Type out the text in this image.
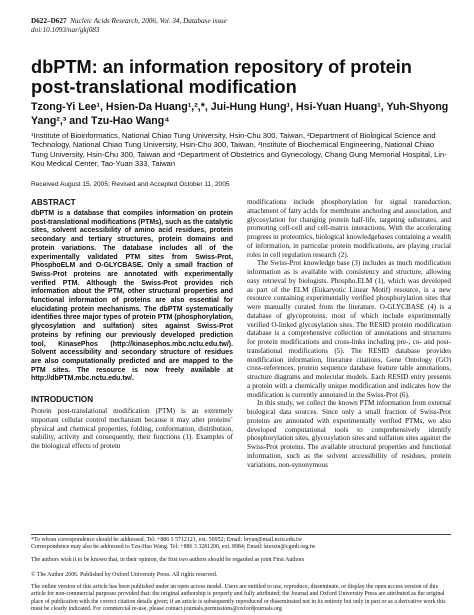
D622–D627 Nucleic Acids Research, 2006, Vol. 34, Database issue
doi:10.1093/nar/gkj083
dbPTM: an information repository of protein post-translational modification

Tzong-Yi Lee¹, Hsien-Da Huang¹,²,*, Jui-Hung Hung¹, Hsi-Yuan Huang¹, Yuh-Shyong Yang²,³ and Tzu-Hao Wang⁴

¹Institute of Bioinformatics, National Chiao Tung University, Hsin-Chu 300, Taiwan, ²Department of Biological Science and Technology, National Chiao Tung University, Hsin-Chu 300, Taiwan, ³Institute of Biochemical Engineering, National Chiao Tung University, Hsin-Chu 300, Taiwan and ⁴Department of Obstetrics and Gynecology, Chang Gung Memorial Hospital, Lin-Kou Medical Center, Tao-Yuan 333, Taiwan

Received August 15, 2005; Revised and Accepted October 11, 2005

ABSTRACT

dbPTM is a database that compiles information on protein post-translational modifications (PTMs), such as the catalytic sites, solvent accessibility of amino acid residues, protein secondary and tertiary structures, protein domains and protein variations. The database includes all of the experimentally validated PTM sites from Swiss-Prot, PhosphoELM and O-GLYCBASE. Only a small fraction of Swiss-Prot proteins are annotated with experimentally verified PTM. Although the Swiss-Prot provides rich information about the PTM, other structural properties and functional information of proteins are also essential for elucidating protein mechanisms. The dbPTM systematically identifies three major types of protein PTM (phosphorylation, glycosylation and sulfation) sites against Swiss-Prot proteins by refining our previously developed prediction tool, KinasePhos (http://kinasephos.mbc.nctu.edu.tw/). Solvent accessibility and secondary structure of residues are also computationally predicted and are mapped to the PTM sites. The resource is now freely available at http://dbPTM.mbc.nctu.edu.tw/.

INTRODUCTION

Protein post-translational modification (PTM) is an extremely important cellular control mechanism because it may alter proteins’ physical and chemical properties, folding, conformation, distribution, stability, activity and consequently, their functions (1). Examples of the biological effects of protein

modifications include phosphorylation for signal transduction, attachment of fatty acids for membrane anchoring and association, and glycosylation for changing protein half-life, targeting substrates, and promoting cell-cell and cell-matrix interactions. With the accelerating progress in proteomics, biological knowledgebases containing a wealth of information, in particular protein modifications, are playing crucial roles in cell regulation research (2).

The Swiss-Prot knowledge base (3) includes as much modification information as is available with consistency and structure, allowing easy retrieval by biologists. Phospho.ELM (1), which was developed as part of the ELM (Eukaryotic Linear Motif) resource, is a new resource containing experimentally verified phosphorylation sites that were manually curated from the literature. O-GLYCBASE (4) is a database of glycoproteins, most of which include experimentally verified O-linked glycosylation sites. The RESID protein modification database is a comprehensive collection of annotations and structures for protein modifications and cross-links including pre-, co- and post-translational modifications (5). The RESID database provides modification information, literature citations, Gene Ontology (GO) cross-references, protein sequence database feature table annotations, structure diagrams and molecular models. Each RESID entry presents a protein with a chemically unique modification and indicates how the modification is currently annotated in the Swiss-Prot (6).

In this study, we collect the known PTM information from external biological data sources. Since only a small fraction of Swiss-Prot proteins are annotated with experimentally verified PTMs, we also developed computational tools to comprehensively identify phosphorylation sites, glycosylation sites and sulfation sites against the Swiss-Prot proteins. The available structural properties and functional information, such as the solvent accessibility of residues, protein variations, non-synonymous

*To whom correspondence should be addressed. Tel: +886 3 5712121, ext. 56952; Email: bryan@mail.nctu.edu.tw
Correspondence may also be addressed to Tzu-Hao Wang. Tel: +886 3 3281200, ext. 8984; Email: knoxtn@cgmh.org.tw

The authors wish it to be known that, in their opinion, the first two authors should be regarded as joint First Authors

© The Author 2006. Published by Oxford University Press. All rights reserved.

The online version of this article has been published under an open access model. Users are entitled to use, reproduce, disseminate, or display the open access version of this article for non-commercial purposes provided that: the original authorship is properly and fully attributed; the Journal and Oxford University Press are attributed as the original place of publication with the correct citation details given; if an article is subsequently reproduced or disseminated not in its entirety but only in part or as a derivative work this must be clearly indicated. For commercial re-use, please contact journals.permissions@oxfordjournals.org
